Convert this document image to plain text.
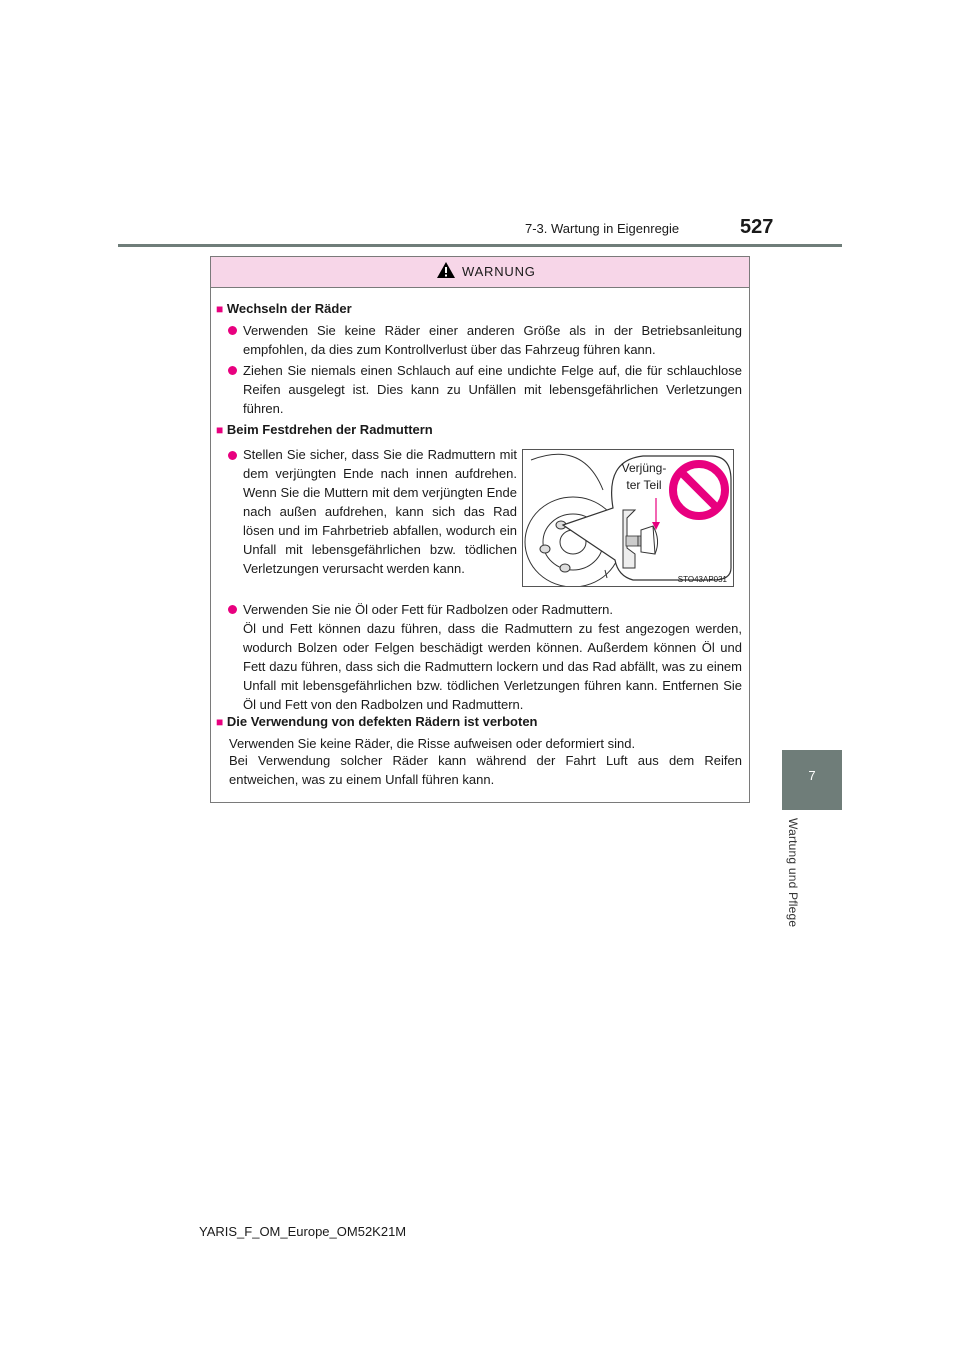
7-3. Wartung in Eigenregie	527
7
Wartung und Pflege
WARNUNG
■ Wechseln der Räder
Verwenden Sie keine Räder einer anderen Größe als in der Betriebsanleitung empfohlen, da dies zum Kontrollverlust über das Fahrzeug führen kann.
Ziehen Sie niemals einen Schlauch auf eine undichte Felge auf, die für schlauchlose Reifen ausgelegt ist. Dies kann zu Unfällen mit lebensgefährlichen Verletzungen führen.
■ Beim Festdrehen der Radmuttern
Stellen Sie sicher, dass Sie die Radmuttern mit dem verjüngten Ende nach innen aufdrehen. Wenn Sie die Muttern mit dem verjüngten Ende nach außen aufdrehen, kann sich das Rad lösen und im Fahrbetrieb abfallen, wodurch ein Unfall mit lebensgefährlichen bzw. tödlichen Verletzungen verursacht werden kann.
Verjüng-ter Teil
STO43AP031
Verwenden Sie nie Öl oder Fett für Radbolzen oder Radmuttern.
Öl und Fett können dazu führen, dass die Radmuttern zu fest angezogen werden, wodurch Bolzen oder Felgen beschädigt werden können. Außerdem können Öl und Fett dazu führen, dass sich die Radmuttern lockern und das Rad abfällt, was zu einem Unfall mit lebensgefährlichen bzw. tödlichen Verletzungen führen kann. Entfernen Sie Öl und Fett von den Radbolzen und Radmuttern.
■ Die Verwendung von defekten Rädern ist verboten
Verwenden Sie keine Räder, die Risse aufweisen oder deformiert sind.
Bei Verwendung solcher Räder kann während der Fahrt Luft aus dem Reifen entweichen, was zu einem Unfall führen kann.
YARIS_F_OM_Europe_OM52K21M
